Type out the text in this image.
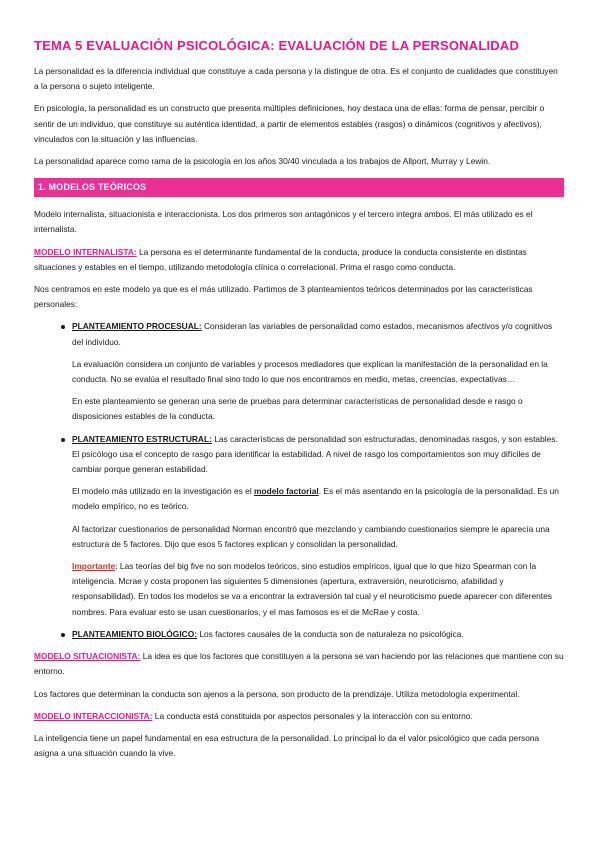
TEMA 5 EVALUACIÓN PSICOLÓGICA: EVALUACIÓN DE LA PERSONALIDAD

La personalidad es la diferencia individual que constituye a cada persona y la distingue de otra. Es el conjunto de cualidades que constituyen a la persona o sujeto inteligente.

En psicología, la personalidad es un constructo que presenta múltiples definiciones, hoy destaca una de ellas: forma de pensar, percibir o sentir de un individuo, que constituye su auténtica identidad, a partir de elementos estables (rasgos) o dinámicos (cognitivos y afectivos), vinculados con la situación y las influencias.

La personalidad aparece como rama de la psicología en los años 30/40 vinculada a los trabajos de Allport, Murray y Lewin.

1. MODELOS TEÓRICOS

Modelo internalista, situacionista e interaccionista. Los dos primeros son antagónicos y el tercero integra ambos. El más utilizado es el internalista.

MODELO INTERNALISTA: La persona es el determinante fundamental de la conducta, produce la conducta consistente en distintas situaciones y estables en el tiempo, utilizando metodología clínica o correlacional. Prima el rasgo como conducta.

Nos centramos en este modelo ya que es el más utilizado. Partimos de 3 planteamientos teóricos determinados por las características personales:

PLANTEAMIENTO PROCESUAL: Consideran las variables de personalidad como estados, mecanismos afectivos y/o cognitivos del individuo.

La evaluación considera un conjunto de variables y procesos mediadores que explican la manifestación de la personalidad en la conducta. No se evalúa el resultado final sino todo lo que nos encontramos en medio, metas, creencias, expectativas…

En este planteamiento se generan una serie de pruebas para determinar características de personalidad desde e rasgo o disposiciones estables de la conducta.

PLANTEAMIENTO ESTRUCTURAL: Las características de personalidad son estructuradas, denominadas rasgos, y son estables. El psicólogo usa el concepto de rasgo para identificar la estabilidad. A nivel de rasgo los comportamientos son muy difíciles de cambiar porque generan estabilidad.

El modelo más utilizado en la investigación es el modelo factorial. Es el más asentando en la psicología de la personalidad. Es un modelo empírico, no es teórico.

Al factorizar cuestionarios de personalidad Norman encontró que mezclando y cambiando cuestionarios siempre le aparecía una estructura de 5 factores. Dijo que esos 5 factores explican y consolidan la personalidad.

Importante: Las teorías del big five no son modelos teóricos, sino estudios empíricos, igual que lo que hizo Spearman con la inteligencia. Mcrae y costa proponen las siguientes 5 dimensiones (apertura, extraversión, neuroticismo, afabilidad y responsabilidad). En todos los modelos se va a encontrar la extraversión tal cual y el neuroticismo puede aparecer con diferentes nombres. Para evaluar esto se usan cuestionarios, y el mas famosos es el de McRae y costa.

PLANTEAMIENTO BIOLÓGICO: Los factores causales de la conducta son de naturaleza no psicológica.

MODELO SITUACIONISTA: La idea es que los factores que constituyen a la persona se van haciendo por las relaciones que mantiene con su entorno.

Los factores que determinan la conducta son ajenos a la persona, son producto de la prendizaje. Utiliza metodología experimental.

MODELO INTERACCIONISTA: La conducta está constituida por aspectos personales y la interacción con su entorno.

La inteligencia tiene un papel fundamental en esa estructura de la personalidad. Lo principal lo da el valor psicológico que cada persona asigna a una situación cuando la vive.
